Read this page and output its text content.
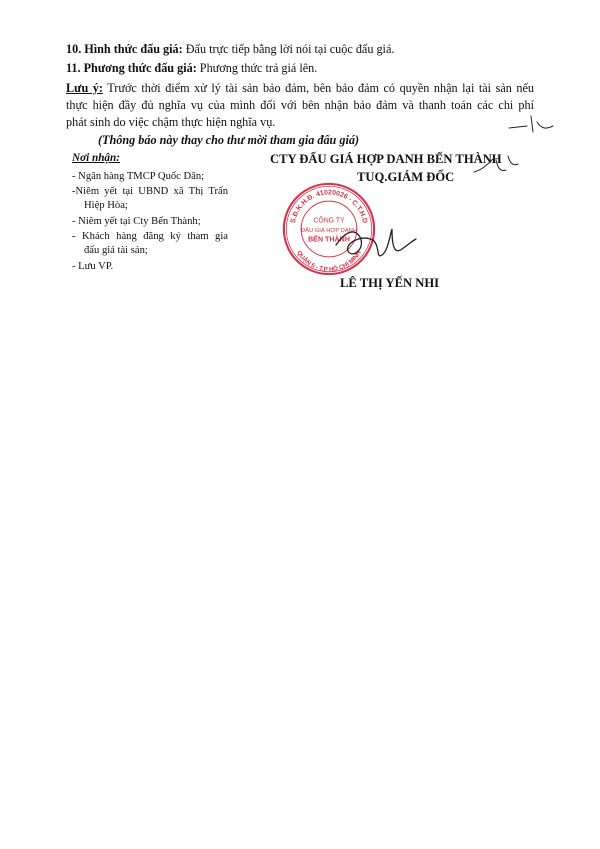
10. Hình thức đấu giá: Đấu trực tiếp bằng lời nói tại cuộc đấu giá.
11. Phương thức đấu giá: Phương thức trả giá lên.
Lưu ý: Trước thời điểm xử lý tài sản bảo đảm, bên bảo đảm có quyền nhận lại tài sản nếu
thực hiện đầy đủ nghĩa vụ của mình đối với bên nhận bảo đảm và thanh toán các chi phí
phát sinh do việc chậm thực hiện nghĩa vụ.
(Thông báo này thay cho thư mời tham gia đấu giá)
Nơi nhận:
- Ngân hàng TMCP Quốc Dân;
-Niêm yết tại UBND xã Thị Trấn
Hiệp Hòa;
- Niêm yết tại Cty Bến Thành;
- Khách hàng đăng ký tham gia
đấu giá tài sản;
- Lưu VP.
CTY ĐẤU GIÁ HỢP DANH BẾN THÀNH
TUQ.GIÁM ĐỐC
S.Đ.K.H.Đ. 41020026 - C.T.H.D
QUẬN 5 - T.P HỒ CHÍ MINH
CÔNG TY
ĐẤU GIÁ HỢP DANH
BẾN THÀNH
LÊ THỊ YẾN NHI
